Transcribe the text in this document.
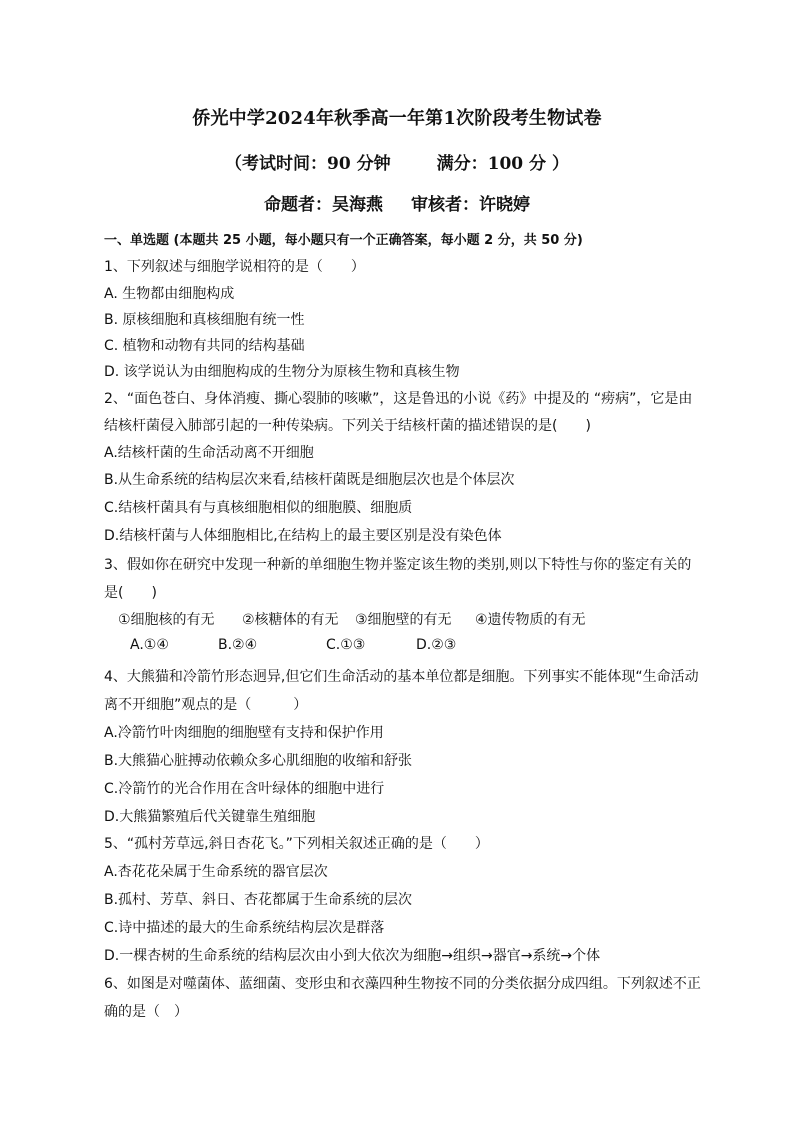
侨光中学2024年秋季高一年第1次阶段考生物试卷
（考试时间：90 分钟	满分：100 分 ）
命题者：吴海燕 审核者：许晓婷
一、单选题 (本题共 25 小题，每小题只有一个正确答案，每小题 2 分，共 50 分)
1、下列叙述与细胞学说相符的是（　　）
A. 生物都由细胞构成
B. 原核细胞和真核细胞有统一性
C. 植物和动物有共同的结构基础
D. 该学说认为由细胞构成的生物分为原核生物和真核生物
2、“面色苍白、身体消瘦、撕心裂肺的咳嗽”，这是鲁迅的小说《药》中提及的 “痨病”，它是由
结核杆菌侵入肺部引起的一种传染病。下列关于结核杆菌的描述错误的是(　　)
A.结核杆菌的生命活动离不开细胞
B.从生命系统的结构层次来看,结核杆菌既是细胞层次也是个体层次
C.结核杆菌具有与真核细胞相似的细胞膜、细胞质
D.结核杆菌与人体细胞相比,在结构上的最主要区别是没有染色体
3、假如你在研究中发现一种新的单细胞生物并鉴定该生物的类别,则以下特性与你的鉴定有关的
是(　　)
①细胞核的有无 ②核糖体的有无 ③细胞壁的有无 ④遗传物质的有无
A.①④	B.②④	C.①③	D.②③
4、大熊猫和冷箭竹形态迥异,但它们生命活动的基本单位都是细胞。下列事实不能体现“生命活动
离不开细胞”观点的是（　　　）
A.冷箭竹叶肉细胞的细胞壁有支持和保护作用
B.大熊猫心脏搏动依赖众多心肌细胞的收缩和舒张
C.冷箭竹的光合作用在含叶绿体的细胞中进行
D.大熊猫繁殖后代关键靠生殖细胞
5、“孤村芳草远,斜日杏花飞。”下列相关叙述正确的是（　　）
A.杏花花朵属于生命系统的器官层次
B.孤村、芳草、斜日、杏花都属于生命系统的层次
C.诗中描述的最大的生命系统结构层次是群落
D.一棵杏树的生命系统的结构层次由小到大依次为细胞→组织→器官→系统→个体
6、如图是对噬菌体、蓝细菌、变形虫和衣藻四种生物按不同的分类依据分成四组。下列叙述不正
确的是（　）
